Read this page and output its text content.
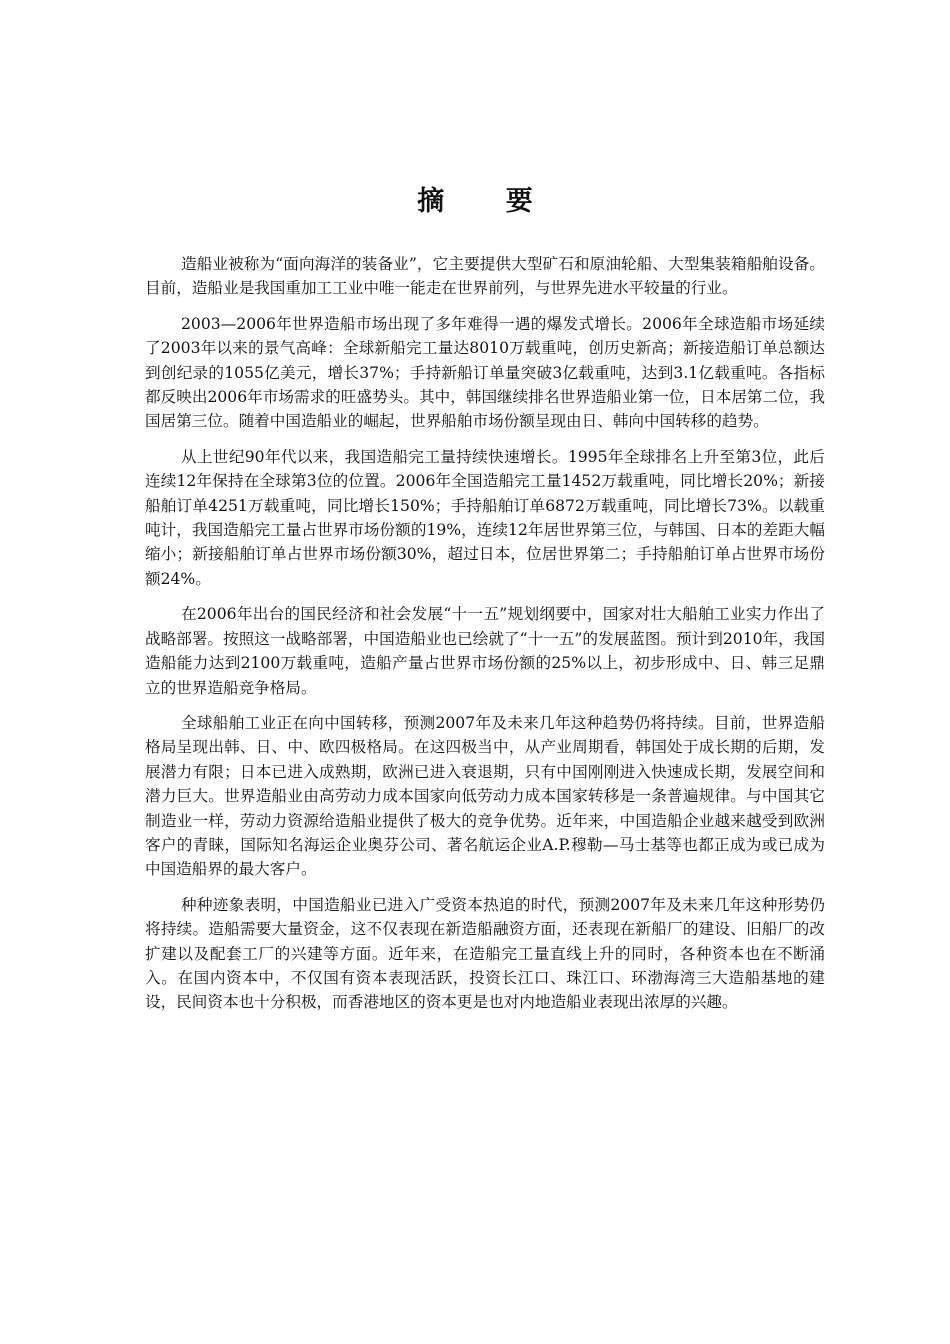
摘 要

造船业被称为“面向海洋的装备业”，它主要提供大型矿石和原油轮船、大型集装箱船舶设备。目前，造船业是我国重加工工业中唯一能走在世界前列，与世界先进水平较量的行业。

2003—2006年世界造船市场出现了多年难得一遇的爆发式增长。2006年全球造船市场延续了2003年以来的景气高峰：全球新船完工量达8010万载重吨，创历史新高；新接造船订单总额达到创纪录的1055亿美元，增长37%；手持新船订单量突破3亿载重吨，达到3.1亿载重吨。各指标都反映出2006年市场需求的旺盛势头。其中，韩国继续排名世界造船业第一位，日本居第二位，我国居第三位。随着中国造船业的崛起，世界船舶市场份额呈现由日、韩向中国转移的趋势。

从上世纪90年代以来，我国造船完工量持续快速增长。1995年全球排名上升至第3位，此后连续12年保持在全球第3位的位置。2006年全国造船完工量1452万载重吨，同比增长20%；新接船舶订单4251万载重吨，同比增长150%；手持船舶订单6872万载重吨，同比增长73%。以载重吨计，我国造船完工量占世界市场份额的19%，连续12年居世界第三位，与韩国、日本的差距大幅缩小；新接船舶订单占世界市场份额30%，超过日本，位居世界第二；手持船舶订单占世界市场份额24%。

在2006年出台的国民经济和社会发展“十一五”规划纲要中，国家对壮大船舶工业实力作出了战略部署。按照这一战略部署，中国造船业也已绘就了“十一五”的发展蓝图。预计到2010年，我国造船能力达到2100万载重吨，造船产量占世界市场份额的25%以上，初步形成中、日、韩三足鼎立的世界造船竞争格局。

全球船舶工业正在向中国转移，预测2007年及未来几年这种趋势仍将持续。目前，世界造船格局呈现出韩、日、中、欧四极格局。在这四极当中，从产业周期看，韩国处于成长期的后期，发展潜力有限；日本已进入成熟期，欧洲已进入衰退期，只有中国刚刚进入快速成长期，发展空间和潜力巨大。世界造船业由高劳动力成本国家向低劳动力成本国家转移是一条普遍规律。与中国其它制造业一样，劳动力资源给造船业提供了极大的竞争优势。近年来，中国造船企业越来越受到欧洲客户的青睐，国际知名海运企业奥芬公司、著名航运企业A.P.穆勒—马士基等也都正成为或已成为中国造船界的最大客户。

种种迹象表明，中国造船业已进入广受资本热追的时代，预测2007年及未来几年这种形势仍将持续。造船需要大量资金，这不仅表现在新造船融资方面，还表现在新船厂的建设、旧船厂的改扩建以及配套工厂的兴建等方面。近年来，在造船完工量直线上升的同时，各种资本也在不断涌入。在国内资本中，不仅国有资本表现活跃，投资长江口、珠江口、环渤海湾三大造船基地的建设，民间资本也十分积极，而香港地区的资本更是也对内地造船业表现出浓厚的兴趣。
